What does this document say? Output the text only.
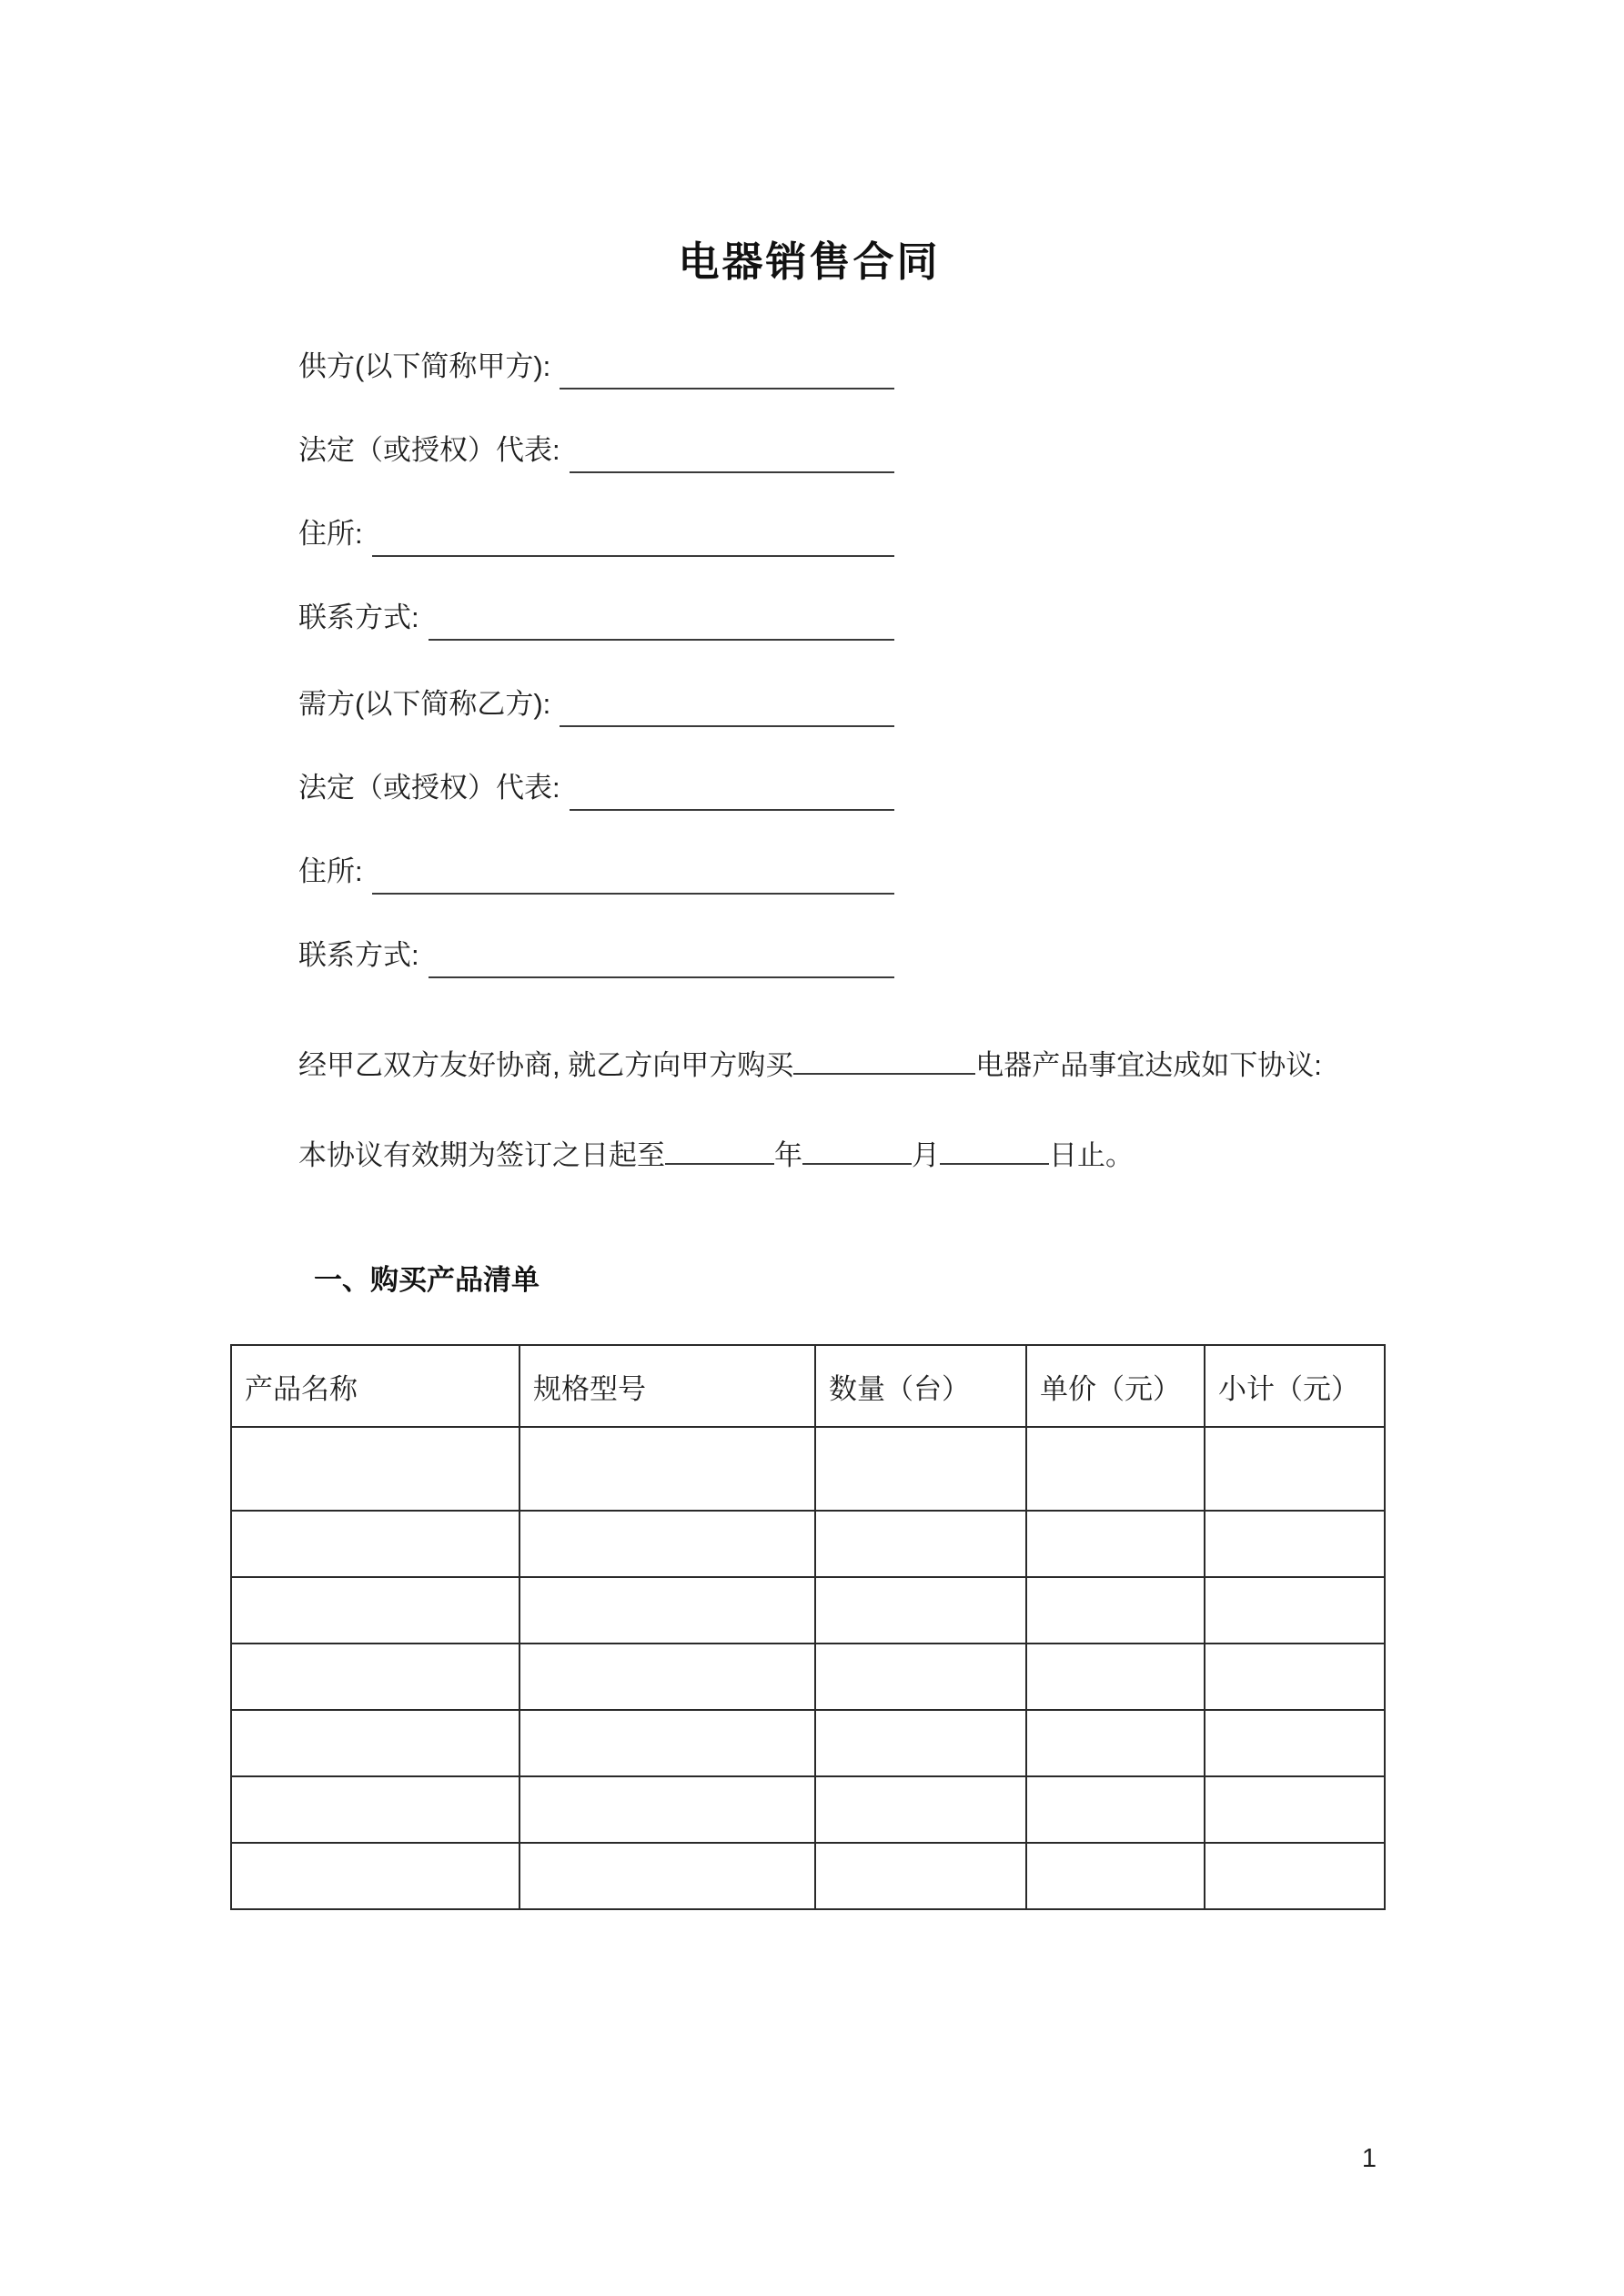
电器销售合同
供方(以下简称甲方):
法定（或授权）代表:
住所:
联系方式:
需方(以下简称乙方):
法定（或授权）代表:
住所:
联系方式:

经甲乙双方友好协商, 就乙方向甲方购买	电器产品事宜达成如下协议:

本协议有效期为签订之日起至	年	月	日止。

一、购买产品清单
产品名称	规格型号	数量（台）	单价（元）	小计（元）

1
